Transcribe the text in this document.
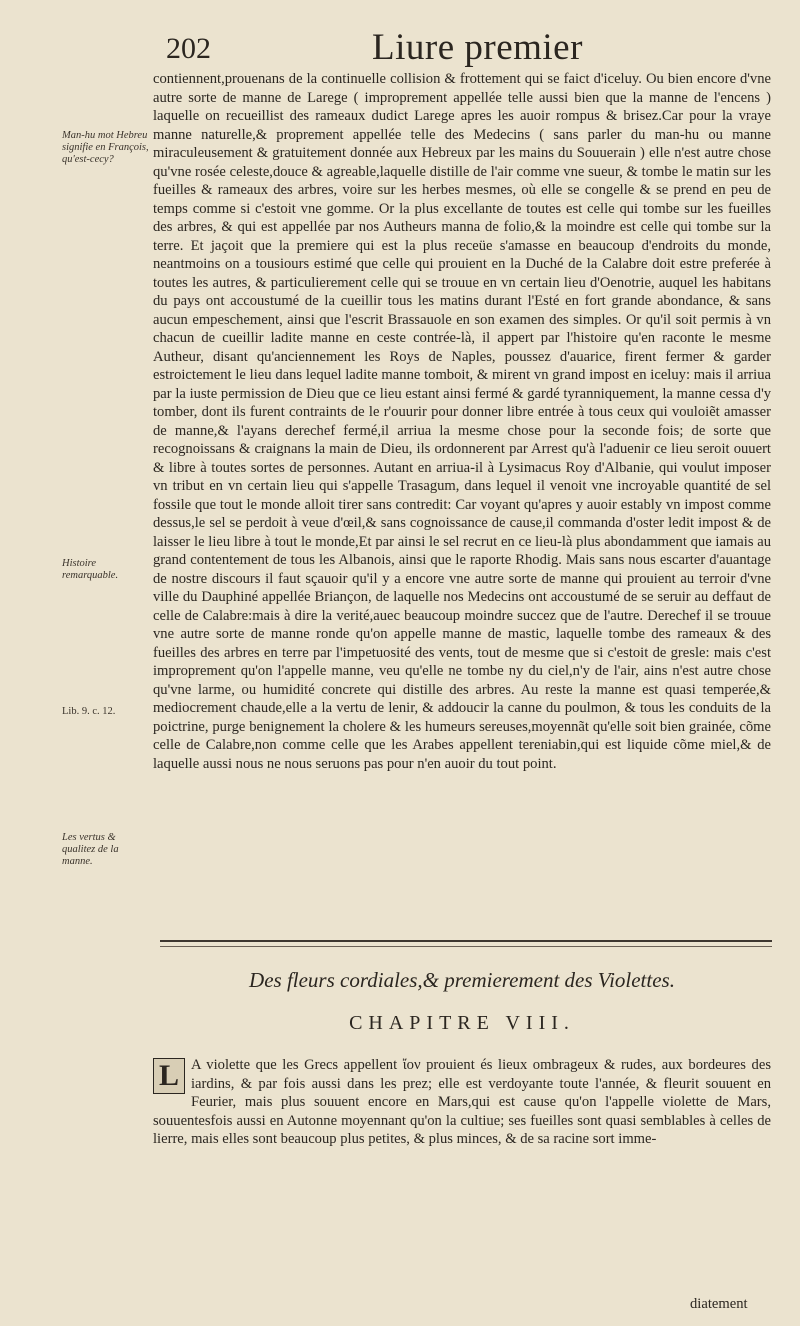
202	Liure premier
Man-hu mot Hebreu signifie en François, qu'est-cecy?
Histoire remarquable.
Lib. 9. c. 12.
Les vertus & qualitez de la manne.

contiennent,prouenans de la continuelle collision & frottement qui se faict d'iceluy. Ou bien encore d'vne autre sorte de manne de Larege ( improprement appellée telle aussi bien que la manne de l'encens ) laquelle on recueillist des rameaux dudict Larege apres les auoir rompus & brisez.Car pour la vraye manne naturelle,& proprement appellée telle des Medecins ( sans parler du man-hu ou manne miraculeusement & gratuitement donnée aux Hebreux par les mains du Souuerain ) elle n'est autre chose qu'vne rosée celeste,douce & agreable,laquelle distille de l'air comme vne sueur, & tombe le matin sur les fueilles & rameaux des arbres, voire sur les herbes mesmes, où elle se congelle & se prend en peu de temps comme si c'estoit vne gomme. Or la plus excellante de toutes est celle qui tombe sur les fueilles des arbres, & qui est appellée par nos Autheurs manna de folio,& la moindre est celle qui tombe sur la terre. Et jaçoit que la premiere qui est la plus receüe s'amasse en beaucoup d'endroits du monde, neantmoins on a tousiours estimé que celle qui prouient en la Duché de la Calabre doit estre preferée à toutes les autres, & particulierement celle qui se trouue en vn certain lieu d'Oenotrie, auquel les habitans du pays ont accoustumé de la cueillir tous les matins durant l'Esté en fort grande abondance, & sans aucun empeschement, ainsi que l'escrit Brassauole en son examen des simples. Or qu'il soit permis à vn chacun de cueillir ladite manne en ceste contrée-là, il appert par l'histoire qu'en raconte le mesme Autheur, disant qu'anciennement les Roys de Naples, poussez d'auarice, firent fermer & garder estroictement le lieu dans lequel ladite manne tomboit, & mirent vn grand impost en iceluy: mais il arriua par la iuste permission de Dieu que ce lieu estant ainsi fermé & gardé tyranniquement, la manne cessa d'y tomber, dont ils furent contraints de le r'ouurir pour donner libre entrée à tous ceux qui vouloiẽt amasser de manne,& l'ayans derechef fermé,il arriua la mesme chose pour la seconde fois; de sorte que recognoissans & craignans la main de Dieu, ils ordonnerent par Arrest qu'à l'aduenir ce lieu seroit ouuert & libre à toutes sortes de personnes. Autant en arriua-il à Lysimacus Roy d'Albanie, qui voulut imposer vn tribut en vn certain lieu qui s'appelle Trasagum, dans lequel il venoit vne incroyable quantité de sel fossile que tout le monde alloit tirer sans contredit: Car voyant qu'apres y auoir estably vn impost comme dessus,le sel se perdoit à veue d'œil,& sans cognoissance de cause,il commanda d'oster ledit impost & de laisser le lieu libre à tout le monde,Et par ainsi le sel recrut en ce lieu-là plus abondamment que iamais au grand contentement de tous les Albanois, ainsi que le raporte Rhodig. Mais sans nous escarter d'auantage de nostre discours il faut sçauoir qu'il y a encore vne autre sorte de manne qui prouient au terroir d'vne ville du Dauphiné appellée Briançon, de laquelle nos Medecins ont accoustumé de se seruir au deffaut de celle de Calabre:mais à dire la verité,auec beaucoup moindre succez que de l'autre. Derechef il se trouue vne autre sorte de manne ronde qu'on appelle manne de mastic, laquelle tombe des rameaux & des fueilles des arbres en terre par l'impetuosité des vents, tout de mesme que si c'estoit de gresle: mais c'est improprement qu'on l'appelle manne, veu qu'elle ne tombe ny du ciel,n'y de l'air, ains n'est autre chose qu'vne larme, ou humidité concrete qui distille des arbres. Au reste la manne est quasi temperée,& mediocrement chaude,elle a la vertu de lenir, & addoucir la canne du poulmon, & tous les conduits de la poictrine, purge benignement la cholere & les humeurs sereuses,moyennãt qu'elle soit bien grainée, cõme celle de Calabre,non comme celle que les Arabes appellent tereniabin,qui est liquide cõme miel,& de laquelle aussi nous ne nous seruons pas pour n'en auoir du tout point.

Des fleurs cordiales,& premierement des Violettes.
CHAPITRE VIII.
L A violette que les Grecs appellent ἴον prouient és lieux ombrageux & rudes, aux bordeures des iardins, & par fois aussi dans les prez; elle est verdoyante toute l'année, & fleurit souuent en Feurier, mais plus souuent encore en Mars,qui est cause qu'on l'appelle violette de Mars, souuentesfois aussi en Autonne moyennant qu'on la cultiue; ses fueilles sont quasi semblables à celles de lierre, mais elles sont beaucoup plus petites, & plus minces, & de sa racine sort imme-
diatement
